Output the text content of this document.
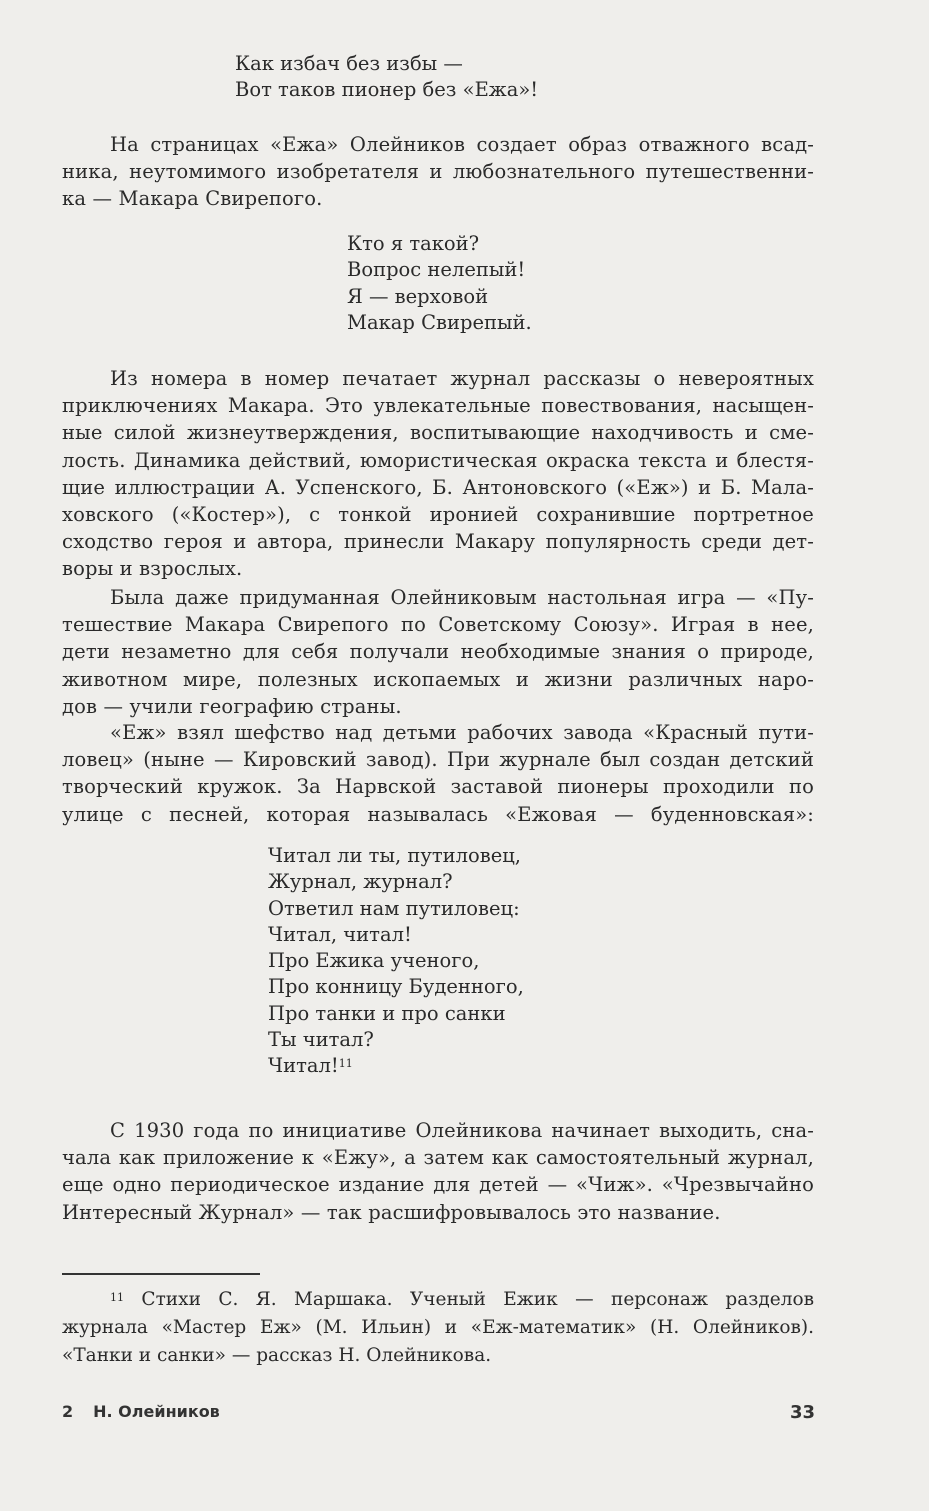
Как избач без избы —
Вот таков пионер без «Ежа»!
На страницах «Ежа» Олейников создает образ отважного всад-
ника, неутомимого изобретателя и любознательного путешественни-
ка — Макара Свирепого.
Кто я такой?
Вопрос нелепый!
Я — верховой
Макар Свирепый.
Из номера в номер печатает журнал рассказы о невероятных
приключениях Макара. Это увлекательные повествования, насыщен-
ные силой жизнеутверждения, воспитывающие находчивость и сме-
лость. Динамика действий, юмористическая окраска текста и блестя-
щие иллюстрации А. Успенского, Б. Антоновского («Еж») и Б. Мала-
ховского («Костер»), с тонкой иронией сохранившие портретное
сходство героя и автора, принесли Макару популярность среди дет-
воры и взрослых.
Была даже придуманная Олейниковым настольная игра — «Пу-
тешествие Макара Свирепого по Советскому Союзу». Играя в нее,
дети незаметно для себя получали необходимые знания о природе,
животном мире, полезных ископаемых и жизни различных наро-
дов — учили географию страны.
«Еж» взял шефство над детьми рабочих завода «Красный пути-
ловец» (ныне — Кировский завод). При журнале был создан детский
творческий кружок. За Нарвской заставой пионеры проходили по
улице с песней, которая называлась «Ежовая — буденновская»:
Читал ли ты, путиловец,
Журнал, журнал?
Ответил нам путиловец:
Читал, читал!
Про Ежика ученого,
Про конницу Буденного,
Про танки и про санки
Ты читал?
Читал!$^{11}$
С 1930 года по инициативе Олейникова начинает выходить, сна-
чала как приложение к «Ежу», а затем как самостоятельный журнал,
еще одно периодическое издание для детей — «Чиж». «Чрезвычайно
Интересный Журнал» — так расшифровывалось это название.
$^{11}$ Стихи С. Я. Маршака. Ученый Ежик — персонаж разделов
журнала «Мастер Еж» (М. Ильин) и «Еж-математик» (Н. Олейников).
«Танки и санки» — рассказ Н. Олейникова.
2 Н. Олейников	33
